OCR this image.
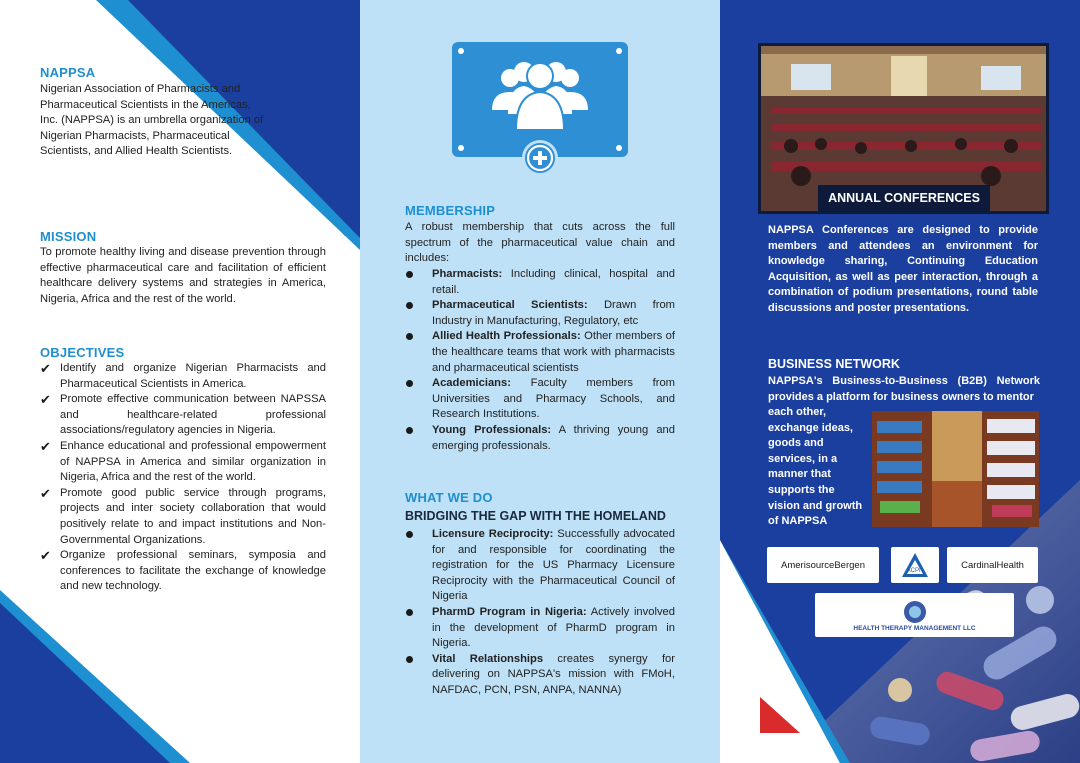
NAPPSA

Nigerian Association of Pharmacists and Pharmaceutical Scientists in the Americas, Inc. (NAPPSA) is an umbrella organization of Nigerian Pharmacists, Pharmaceutical Scientists, and Allied Health Scientists.

MISSION

To promote healthy living and disease prevention through effective pharmaceutical care and facilitation of efficient healthcare delivery systems and strategies in America, Nigeria, Africa and the rest of the world.

OBJECTIVES
✔ Identify and organize Nigerian Pharmacists and Pharmaceutical Scientists in America.
✔ Promote effective communication between NAPSSA and healthcare-related professional associations/regulatory agencies in Nigeria.
✔ Enhance educational and professional empowerment of NAPPSA in America and similar organization in Nigeria, Africa and the rest of the world.
✔ Promote good public service through programs, projects and inter society collaboration that would positively relate to and impact institutions and Non-Governmental Organizations.
✔ Organize professional seminars, symposia and conferences to facilitate the exchange of knowledge and new technology.
MEMBERSHIP

A robust membership that cuts across the full spectrum of the pharmaceutical value chain and includes:

Pharmacists: Including clinical, hospital and retail.
Pharmaceutical Scientists: Drawn from Industry in Manufacturing, Regulatory, etc
Allied Health Professionals: Other members of the healthcare teams that work with pharmacists and pharmaceutical scientists
Academicians: Faculty members from Universities and Pharmacy Schools, and Research Institutions.
Young Professionals: A thriving young and emerging professionals.
WHAT WE DO
BRIDGING THE GAP WITH THE HOMELAND
Licensure Reciprocity: Successfully advocated for and responsible for coordinating the registration for the US Pharmacy Licensure Reciprocity with the Pharmaceutical Council of Nigeria
PharmD Program in Nigeria: Actively involved in the development of PharmD program in Nigeria.
Vital Relationships creates synergy for delivering on NAPPSA's mission with FMoH, NAFDAC, PCN, PSN, ANPA, NANNA)
ANNUAL CONFERENCES

NAPPSA Conferences are designed to provide members and attendees an environment for knowledge sharing, Continuing Education Acquisition, as well as peer interaction, through a combination of podium presentations, round table discussions and poster presentations.

BUSINESS NETWORK

NAPPSA's Business-to-Business (B2B) Network provides a platform for business owners to mentor

each other, exchange ideas, goods and services, in a manner that supports the vision and growth of NAPPSA

AmerisourceBergen
ACPN
CardinalHealth
HEALTH THERAPY MANAGEMENT LLC
